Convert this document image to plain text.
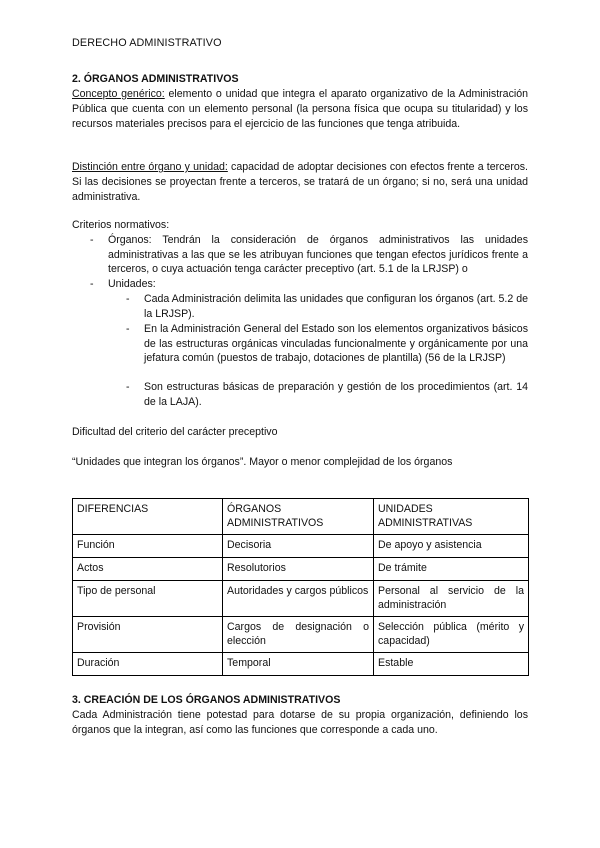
DERECHO ADMINISTRATIVO
2. ÓRGANOS ADMINISTRATIVOS

Concepto genérico: elemento o unidad que integra el aparato organizativo de la Administración Pública que cuenta con un elemento personal (la persona física que ocupa su titularidad) y los recursos materiales precisos para el ejercicio de las funciones que tenga atribuida.

Distinción entre órgano y unidad: capacidad de adoptar decisiones con efectos frente a terceros. Si las decisiones se proyectan frente a terceros, se tratará de un órgano; si no, será una unidad administrativa.

Criterios normativos:
- Órganos: Tendrán la consideración de órganos administrativos las unidades administrativas a las que se les atribuyan funciones que tengan efectos jurídicos frente a terceros, o cuya actuación tenga carácter preceptivo (art. 5.1 de la LRJSP) o

- Unidades:

- Cada Administración delimita las unidades que configuran los órganos (art. 5.2 de la LRJSP).

- En la Administración General del Estado son los elementos organizativos básicos de las estructuras orgánicas vinculadas funcionalmente y orgánicamente por una jefatura común (puestos de trabajo, dotaciones de plantilla) (56 de la LRJSP)

- Son estructuras básicas de preparación y gestión de los procedimientos (art. 14 de la LAJA).

Dificultad del criterio del carácter preceptivo
“Unidades que integran los órganos”. Mayor o menor complejidad de los órganos
DIFERENCIAS	ÓRGANOS ADMINISTRATIVOS	UNIDADES ADMINISTRATIVAS
Función	Decisoria	De apoyo y asistencia
Actos	Resolutorios	De trámite
Tipo de personal	Autoridades y cargos públicos	Personal al servicio de la administración
Provisión	Cargos de designación o elección	Selección pública (mérito y capacidad)
Duración	Temporal	Estable
3. CREACIÓN DE LOS ÓRGANOS ADMINISTRATIVOS

Cada Administración tiene potestad para dotarse de su propia organización, definiendo los órganos que la integran, así como las funciones que corresponde a cada uno.
